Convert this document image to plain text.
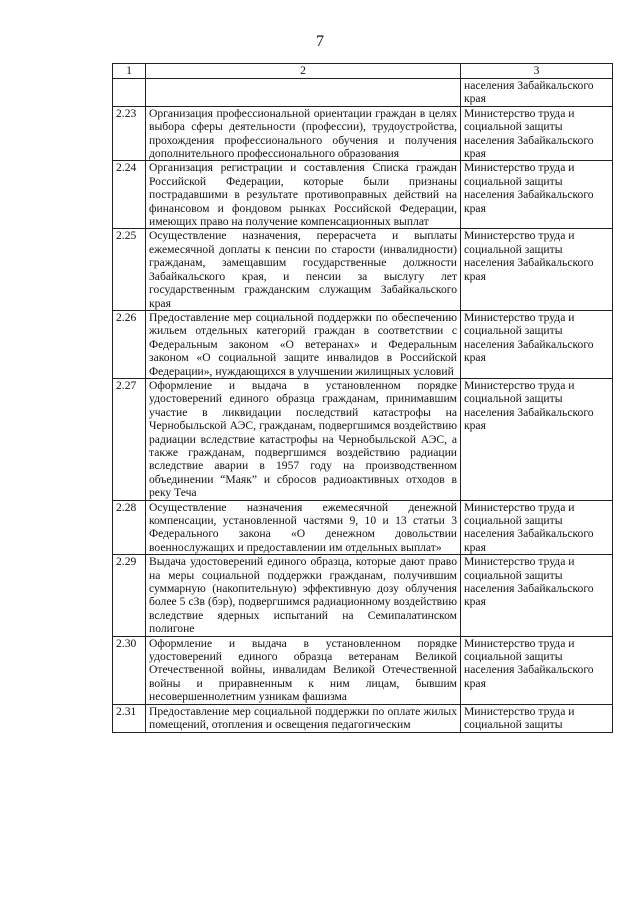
7
1	2	3
		населения Забайкальского края
2.23	Организация профессиональной ориентации граждан в целях выбора сферы деятельности (профессии), трудоустройства, прохождения профессионального обучения и получения дополнительного профессионального образования	Министерство труда и социальной защиты населения Забайкальского края
2.24	Организация регистрации и составления Списка граждан Российской Федерации, которые были признаны пострадавшими в результате противоправных действий на финансовом и фондовом рынках Российской Федерации, имеющих право на получение компенсационных выплат	Министерство труда и социальной защиты населения Забайкальского края
2.25	Осуществление назначения, перерасчета и выплаты ежемесячной доплаты к пенсии по старости (инвалидности) гражданам, замещавшим государственные должности Забайкальского края, и пенсии за выслугу лет государственным гражданским служащим Забайкальского края	Министерство труда и социальной защиты населения Забайкальского края
2.26	Предоставление мер социальной поддержки по обеспечению жильем отдельных категорий граждан в соответствии с Федеральным законом «О ветеранах» и Федеральным законом «О социальной защите инвалидов в Российской Федерации», нуждающихся в улучшении жилищных условий	Министерство труда и социальной защиты населения Забайкальского края
2.27	Оформление и выдача в установленном порядке удостоверений единого образца гражданам, принимавшим участие в ликвидации последствий катастрофы на Чернобыльской АЭС, гражданам, подвергшимся воздействию радиации вследствие катастрофы на Чернобыльской АЭС, а также гражданам, подвергшимся воздействию радиации вследствие аварии в 1957 году на производственном объединении “Маяк” и сбросов радиоактивных отходов в реку Теча	Министерство труда и социальной защиты населения Забайкальского края
2.28	Осуществление назначения ежемесячной денежной компенсации, установленной частями 9, 10 и 13 статьи 3 Федерального закона «О денежном довольствии военнослужащих и предоставлении им отдельных выплат»	Министерство труда и социальной защиты населения Забайкальского края
2.29	Выдача удостоверений единого образца, которые дают право на меры социальной поддержки гражданам, получившим суммарную (накопительную) эффективную дозу облучения более 5 сЗв (бэр), подвергшимся радиационному воздействию вследствие ядерных испытаний на Семипалатинском полигоне	Министерство труда и социальной защиты населения Забайкальского края
2.30	Оформление и выдача в установленном порядке удостоверений единого образца ветеранам Великой Отечественной войны, инвалидам Великой Отечественной войны и приравненным к ним лицам, бывшим несовершеннолетним узникам фашизма	Министерство труда и социальной защиты населения Забайкальского края
2.31	Предоставление мер социальной поддержки по оплате жилых помещений, отопления и освещения педагогическим	Министерство труда и социальной защиты
